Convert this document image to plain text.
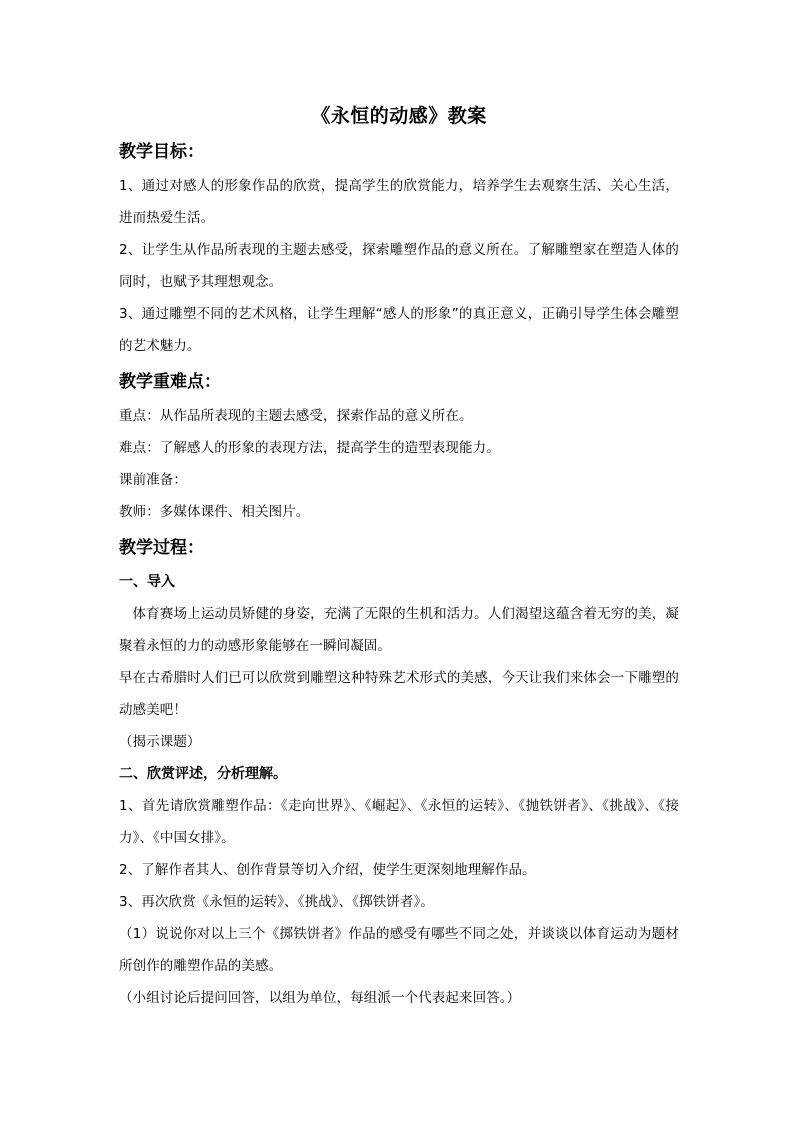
《永恒的动感》教案
教学目标：

1、通过对感人的形象作品的欣赏，提高学生的欣赏能力，培养学生去观察生活、关心生活，进而热爱生活。

2、让学生从作品所表现的主题去感受，探索雕塑作品的意义所在。了解雕塑家在塑造人体的同时，也赋予其理想观念。

3、通过雕塑不同的艺术风格，让学生理解“感人的形象”的真正意义，正确引导学生体会雕塑的艺术魅力。

教学重难点：

重点：从作品所表现的主题去感受，探索作品的意义所在。

难点：了解感人的形象的表现方法，提高学生的造型表现能力。

课前准备：

教师：多媒体课件、相关图片。

教学过程：
一、导入

体育赛场上运动员矫健的身姿，充满了无限的生机和活力。人们渴望这蕴含着无穷的美，凝聚着永恒的力的动感形象能够在一瞬间凝固。

早在古希腊时人们已可以欣赏到雕塑这种特殊艺术形式的美感，今天让我们来体会一下雕塑的动感美吧！

（揭示课题）

二、欣赏评述，分析理解。

1、首先请欣赏雕塑作品：《走向世界》、《崛起》、《永恒的运转》、《抛铁饼者》、《挑战》、《接力》、《中国女排》。

2、了解作者其人、创作背景等切入介绍，使学生更深刻地理解作品。

3、再次欣赏《永恒的运转》、《挑战》、《掷铁饼者》。

（1）说说你对以上三个《掷铁饼者》作品的感受有哪些不同之处，并谈谈以体育运动为题材所创作的雕塑作品的美感。

（小组讨论后提问回答，以组为单位，每组派一个代表起来回答。）
